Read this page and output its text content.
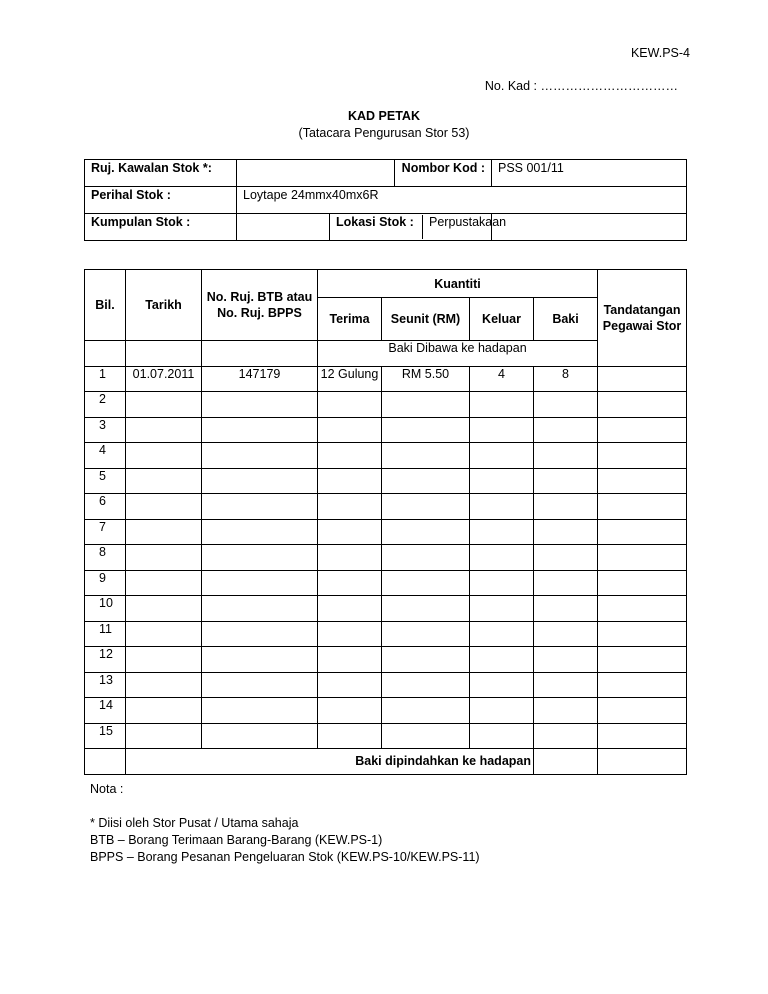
KEW.PS-4
No. Kad : ……………………………
KAD PETAK
(Tatacara Pengurusan Stor 53)
Ruj. Kawalan Stok *:		Nombor Kod :	PSS 001/11
Perihal Stok :	Loytape 24mmx40mx6R
Kumpulan Stok :			Lokasi Stok :	Perpustakaan

Bil.	Tarikh	No. Ruj. BTB atau No. Ruj. BPPS	Kuantiti				Tandatangan Pegawai Stor
			Terima	Seunit (RM)	Keluar	Baki	
			Baki Dibawa ke hadapan				
1	01.07.2011	147179	12 Gulung	RM 5.50	4	8	
2							
3							
4							
5							
6							
7							
8							
9							
10							
11							
12							
13							
14							
15							
	Baki dipindahkan ke hadapan						
Nota :
* Diisi oleh Stor Pusat / Utama sahaja
BTB – Borang Terimaan Barang-Barang (KEW.PS-1)
BPPS – Borang Pesanan Pengeluaran Stok (KEW.PS-10/KEW.PS-11)
